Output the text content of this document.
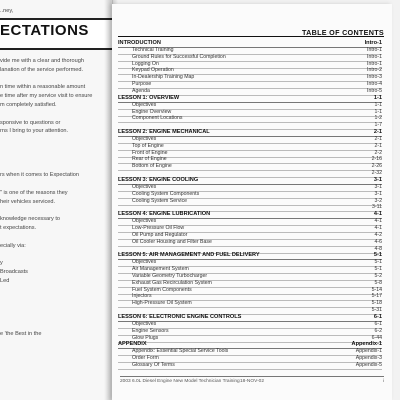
..ney,
ECTATIONS
vide me with a clear and thorough
lanation of the service performed.
n time within a reasonable amount
e time after my service visit to ensure
m completely satisfied.
sponsive to questions or
rns I bring to your attention.
rs when it comes to Expectation
" is one of the reasons they
heir vehicles serviced.
knowledge necessary to
t expectations.
ecially via:
y
Broadcasts
Led
e 'the Best in the
TABLE OF CONTENTS
INTRODUCTION	Intro-1
Technical Training	Intro-1
Ground Rules for Successful Completion	Intro-1
Logging On	Intro-1
Keypad Operation	Intro-2
In-Dealership Training Map	Intro-3
Purpose	Intro-4
Agenda	Intro-5
LESSON 1: OVERVIEW	1-1
Objectives	1-1
Engine Overview	1-1
Component Locations	1-2
1-7
LESSON 2: ENGINE MECHANICAL	2-1
Objectives	2-1
Top of Engine	2-1
Front of Engine	2-2
Rear of Engine	2-16
Bottom of Engine	2-26
2-32
LESSON 3: ENGINE COOLING	3-1
Objectives	3-1
Cooling System Components	3-1
Cooling System Service	3-2
3-11
LESSON 4: ENGINE LUBRICATION	4-1
Objectives	4-1
Low-Pressure Oil Flow	4-1
Oil Pump and Regulator	4-2
Oil Cooler Housing and Filter Base	4-6
4-8
LESSON 5: AIR MANAGEMENT AND FUEL DELIVERY	5-1
Objectives	5-1
Air Management System	5-1
Variable Geometry Turbocharger	5-2
Exhaust Gas Recirculation System	5-8
Fuel System Components	5-14
Injectors	5-17
High-Pressure Oil System	5-18
5-31
LESSON 6: ELECTRONIC ENGINE CONTROLS	6-1
Objectives	6-1
Engine Sensors	6-2
Glow Plugs	6-44
APPENDIX	Appendix-1
Appendix: Essential Special Service Tools	Appendix-1
Order Form	Appendix-3
Glossary Of Terms	Appendix-5
2003 6.0L Diesel Engine New Model Technician Training 18-NOV-02	i
